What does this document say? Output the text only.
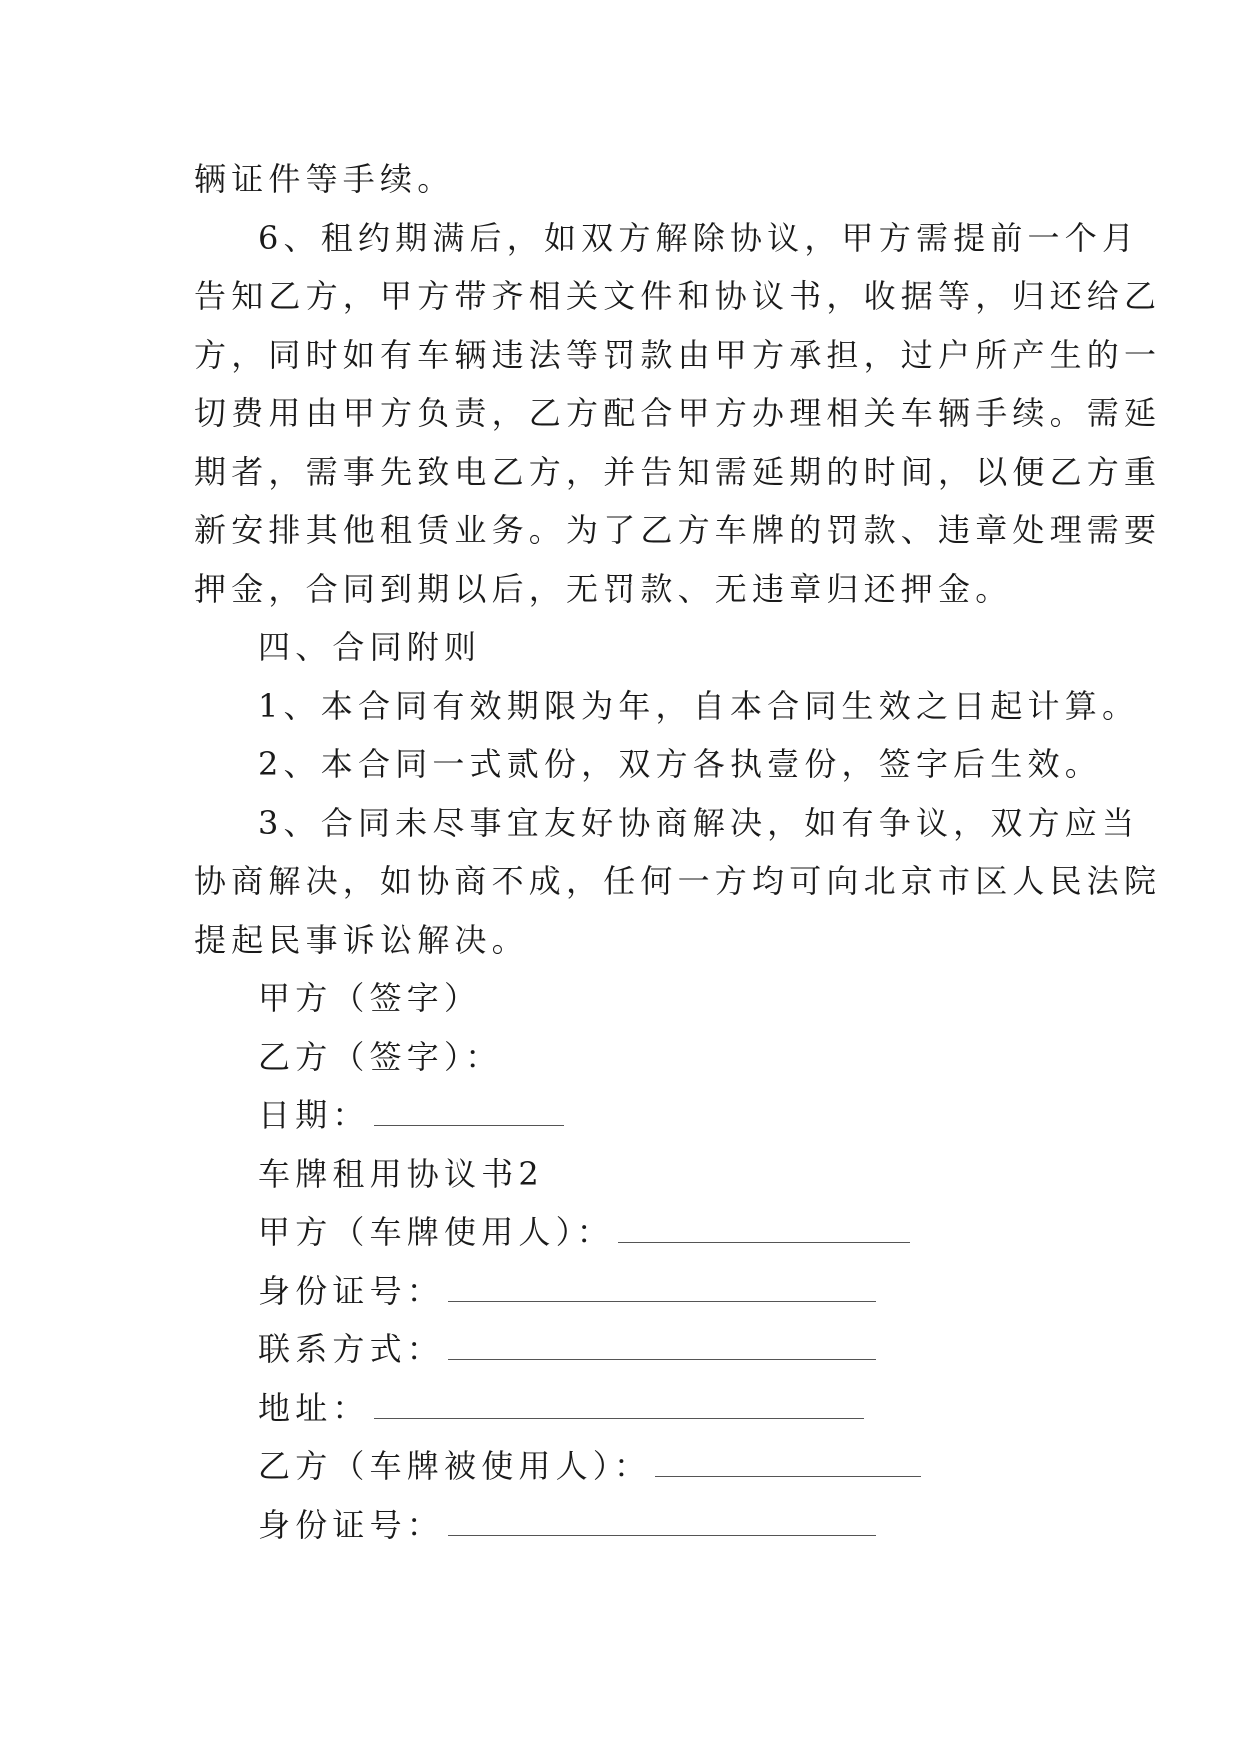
辆证件等手续。
6、租约期满后，如双方解除协议，甲方需提前一个月
告知乙方，甲方带齐相关文件和协议书，收据等，归还给乙
方，同时如有车辆违法等罚款由甲方承担，过户所产生的一
切费用由甲方负责，乙方配合甲方办理相关车辆手续。需延
期者，需事先致电乙方，并告知需延期的时间，以便乙方重
新安排其他租赁业务。为了乙方车牌的罚款、违章处理需要
押金，合同到期以后，无罚款、无违章归还押金。
四、合同附则
1、本合同有效期限为年，自本合同生效之日起计算。
2、本合同一式贰份，双方各执壹份，签字后生效。
3、合同未尽事宜友好协商解决，如有争议，双方应当
协商解决，如协商不成，任何一方均可向北京市区人民法院
提起民事诉讼解决。
甲方（签字）
乙方（签字）：
日期：
车牌租用协议书2
甲方（车牌使用人）：
身份证号：
联系方式：
地址：
乙方（车牌被使用人）：
身份证号：
